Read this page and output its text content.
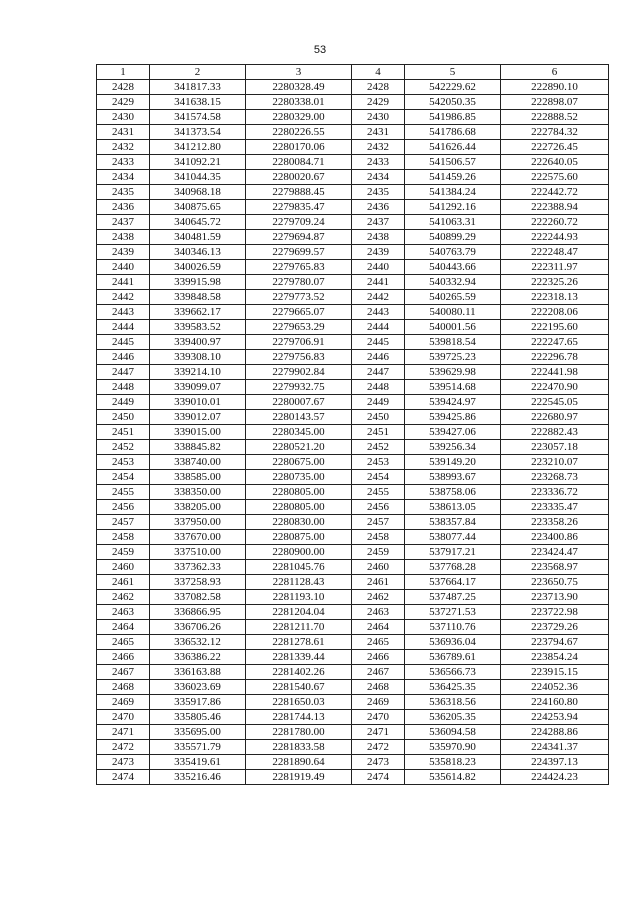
53
1	2	3	4	5	6
2428	341817.33	2280328.49	2428	542229.62	222890.10
2429	341638.15	2280338.01	2429	542050.35	222898.07
2430	341574.58	2280329.00	2430	541986.85	222888.52
2431	341373.54	2280226.55	2431	541786.68	222784.32
2432	341212.80	2280170.06	2432	541626.44	222726.45
2433	341092.21	2280084.71	2433	541506.57	222640.05
2434	341044.35	2280020.67	2434	541459.26	222575.60
2435	340968.18	2279888.45	2435	541384.24	222442.72
2436	340875.65	2279835.47	2436	541292.16	222388.94
2437	340645.72	2279709.24	2437	541063.31	222260.72
2438	340481.59	2279694.87	2438	540899.29	222244.93
2439	340346.13	2279699.57	2439	540763.79	222248.47
2440	340026.59	2279765.83	2440	540443.66	222311.97
2441	339915.98	2279780.07	2441	540332.94	222325.26
2442	339848.58	2279773.52	2442	540265.59	222318.13
2443	339662.17	2279665.07	2443	540080.11	222208.06
2444	339583.52	2279653.29	2444	540001.56	222195.60
2445	339400.97	2279706.91	2445	539818.54	222247.65
2446	339308.10	2279756.83	2446	539725.23	222296.78
2447	339214.10	2279902.84	2447	539629.98	222441.98
2448	339099.07	2279932.75	2448	539514.68	222470.90
2449	339010.01	2280007.67	2449	539424.97	222545.05
2450	339012.07	2280143.57	2450	539425.86	222680.97
2451	339015.00	2280345.00	2451	539427.06	222882.43
2452	338845.82	2280521.20	2452	539256.34	223057.18
2453	338740.00	2280675.00	2453	539149.20	223210.07
2454	338585.00	2280735.00	2454	538993.67	223268.73
2455	338350.00	2280805.00	2455	538758.06	223336.72
2456	338205.00	2280805.00	2456	538613.05	223335.47
2457	337950.00	2280830.00	2457	538357.84	223358.26
2458	337670.00	2280875.00	2458	538077.44	223400.86
2459	337510.00	2280900.00	2459	537917.21	223424.47
2460	337362.33	2281045.76	2460	537768.28	223568.97
2461	337258.93	2281128.43	2461	537664.17	223650.75
2462	337082.58	2281193.10	2462	537487.25	223713.90
2463	336866.95	2281204.04	2463	537271.53	223722.98
2464	336706.26	2281211.70	2464	537110.76	223729.26
2465	336532.12	2281278.61	2465	536936.04	223794.67
2466	336386.22	2281339.44	2466	536789.61	223854.24
2467	336163.88	2281402.26	2467	536566.73	223915.15
2468	336023.69	2281540.67	2468	536425.35	224052.36
2469	335917.86	2281650.03	2469	536318.56	224160.80
2470	335805.46	2281744.13	2470	536205.35	224253.94
2471	335695.00	2281780.00	2471	536094.58	224288.86
2472	335571.79	2281833.58	2472	535970.90	224341.37
2473	335419.61	2281890.64	2473	535818.23	224397.13
2474	335216.46	2281919.49	2474	535614.82	224424.23
